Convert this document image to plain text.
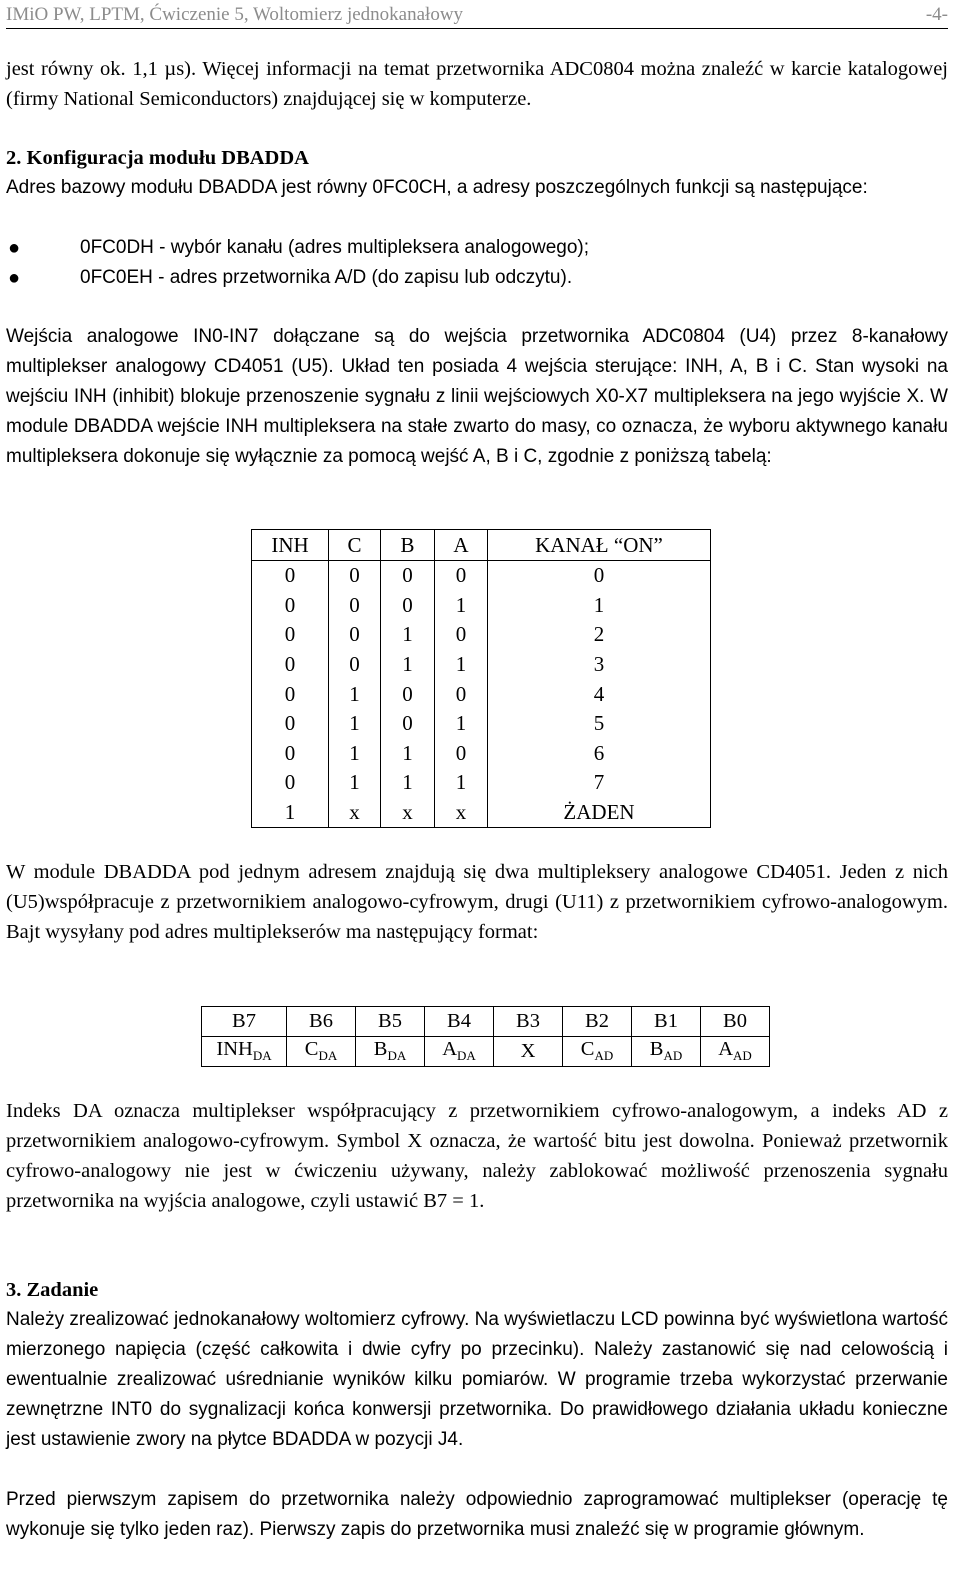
IMiO PW, LPTM, Ćwiczenie 5, Woltomierz jednokanałowy	-4-
jest równy ok. 1,1 µs). Więcej informacji na temat przetwornika ADC0804 można znaleźć w karcie katalogowej (firmy National Semiconductors) znajdującej się w komputerze.
2. Konfiguracja modułu DBADDA
Adres bazowy modułu DBADDA jest równy 0FC0CH, a adresy poszczególnych funkcji są następujące:
●	0FC0DH - wybór kanału (adres multipleksera analogowego);
●	0FC0EH - adres przetwornika A/D (do zapisu lub odczytu).
Wejścia analogowe IN0-IN7 dołączane są do wejścia przetwornika ADC0804 (U4) przez 8-kanałowy multiplekser analogowy CD4051 (U5). Układ ten posiada 4 wejścia sterujące: INH, A, B i C. Stan wysoki na wejściu INH (inhibit) blokuje przenoszenie sygnału z linii wejściowych X0-X7 multipleksera na jego wyjście X. W module DBADDA wejście INH multipleksera na stałe zwarto do masy, co oznacza, że wyboru aktywnego kanału multipleksera dokonuje się wyłącznie za pomocą wejść A, B i C, zgodnie z poniższą tabelą:
INH	C	B	A	KANAŁ “ON”
0	0	0	0	0
0	0	0	1	1
0	0	1	0	2
0	0	1	1	3
0	1	0	0	4
0	1	0	1	5
0	1	1	0	6
0	1	1	1	7
1	x	x	x	ŻADEN
W module DBADDA pod jednym adresem znajdują się dwa multipleksery analogowe CD4051. Jeden z nich (U5)współpracuje z przetwornikiem analogowo-cyfrowym, drugi (U11) z przetwornikiem cyfrowo-analogowym. Bajt wysyłany pod adres multiplekserów ma następujący format:
B7	B6	B5	B4	B3	B2	B1	B0
$INH_{DA}$	$C_{DA}$	$B_{DA}$	$A_{DA}$	X	$C_{AD}$	$B_{AD}$	$A_{AD}$
Indeks DA oznacza multiplekser współpracujący z przetwornikiem cyfrowo-analogowym, a indeks AD z przetwornikiem analogowo-cyfrowym. Symbol X oznacza, że wartość bitu jest dowolna. Ponieważ przetwornik cyfrowo-analogowy nie jest w ćwiczeniu używany, należy zablokować możliwość przenoszenia sygnału przetwornika na wyjścia analogowe, czyli ustawić B7 = 1.
3. Zadanie
Należy zrealizować jednokanałowy woltomierz cyfrowy. Na wyświetlaczu LCD powinna być wyświetlona wartość mierzonego napięcia (część całkowita i dwie cyfry po przecinku). Należy zastanowić się nad celowością i ewentualnie zrealizować uśrednianie wyników kilku pomiarów. W programie trzeba wykorzystać przerwanie zewnętrzne INT0 do sygnalizacji końca konwersji przetwornika. Do prawidłowego działania układu konieczne jest ustawienie zwory na płytce BDADDA w pozycji J4.
Przed pierwszym zapisem do przetwornika należy odpowiednio zaprogramować multiplekser (operację tę wykonuje się tylko jeden raz). Pierwszy zapis do przetwornika musi znaleźć się w programie głównym.
